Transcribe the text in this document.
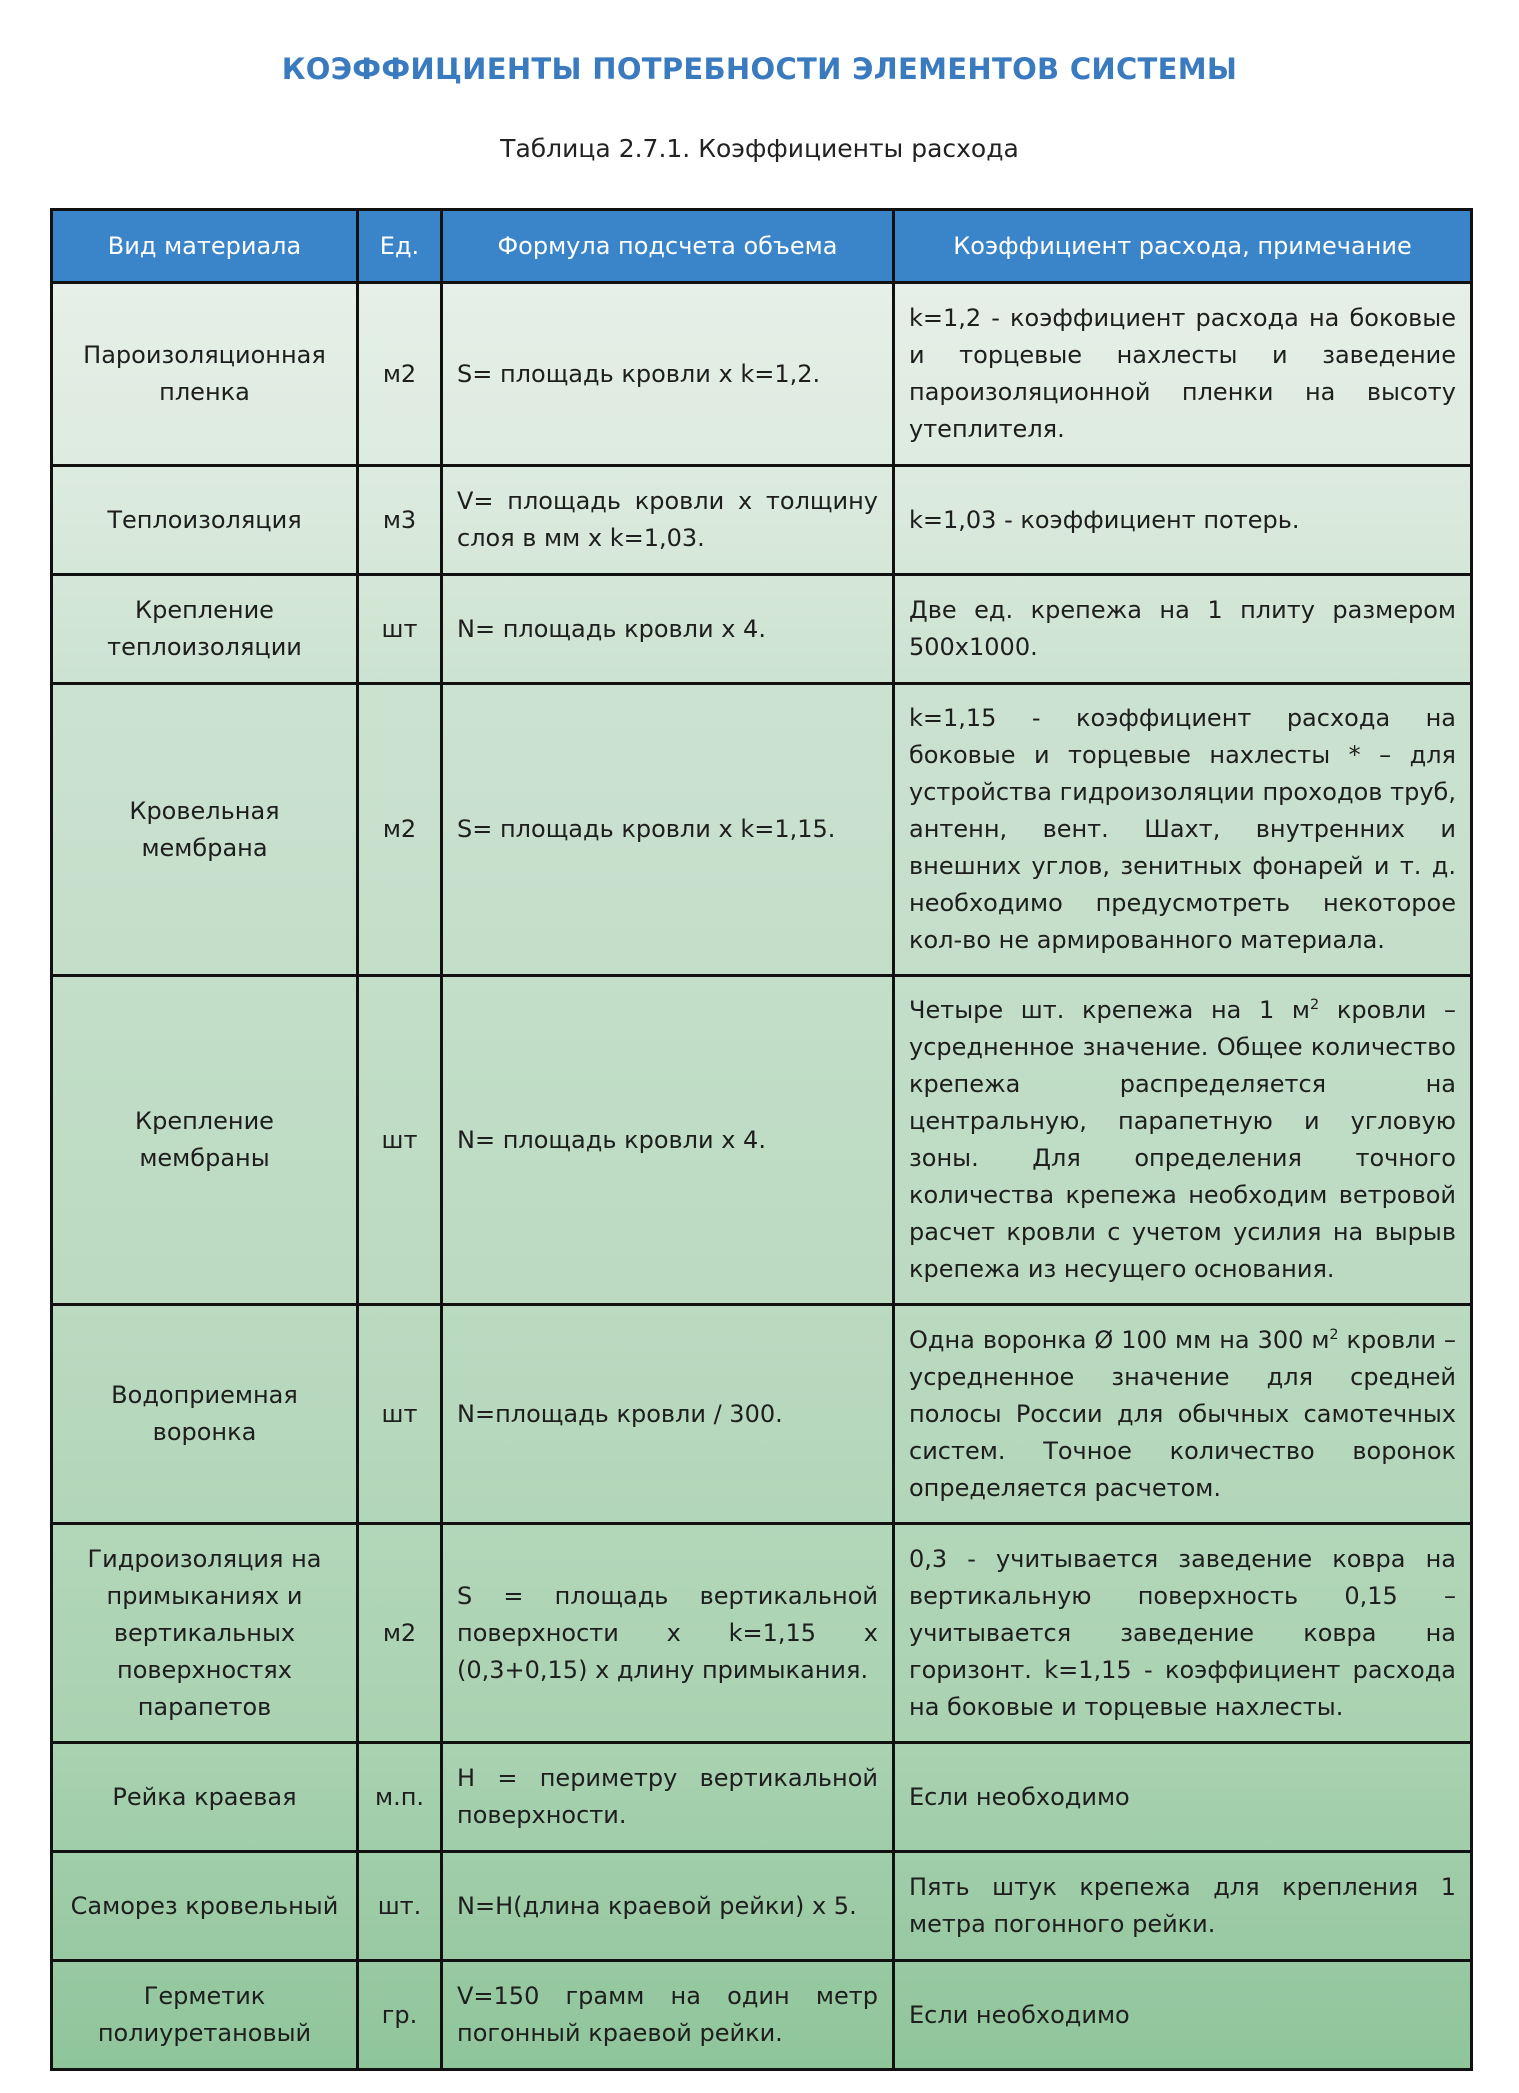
КОЭФФИЦИЕНТЫ ПОТРЕБНОСТИ ЭЛЕМЕНТОВ СИСТЕМЫ
Таблица 2.7.1. Коэффициенты расхода
Вид материала	Ед.	Формула подсчета объема	Коэффициент расхода, примечание
Пароизоляционная пленка	м2	S= площадь кровли х k=1,2.	k=1,2 - коэффициент расхода на боковые и торцевые нахлесты и заведение пароизоляционной пленки на высоту утеплителя.
Теплоизоляция	м3	V= площадь кровли х толщину слоя в мм х k=1,03.	k=1,03 - коэффициент потерь.
Крепление теплоизоляции	шт	N= площадь кровли х 4.	Две ед. крепежа на 1 плиту размером 500х1000.
Кровельная мембрана	м2	S= площадь кровли х k=1,15.	k=1,15 - коэффициент расхода на боковые и торцевые нахлесты * – для устройства гидроизоляции проходов труб, антенн, вент. Шахт, внутренних и внешних углов, зенитных фонарей и т. д. необходимо предусмотреть некоторое кол-во не армированного материала.
Крепление мембраны	шт	N= площадь кровли х 4.	Четыре шт. крепежа на 1 $м^2$ кровли – усредненное значение. Общее количество крепежа распределяется на центральную, парапетную и угловую зоны. Для определения точного количества крепежа необходим ветровой расчет кровли с учетом усилия на вырыв крепежа из несущего основания.
Водоприемная воронка	шт	N=площадь кровли / 300.	Одна воронка Ø 100 мм на 300 $м^2$ кровли – усредненное значение для средней полосы России для обычных самотечных систем. Точное количество воронок определяется расчетом.
Гидроизоляция на примыканиях и вертикальных поверхностях парапетов	м2	S = площадь вертикальной поверхности х k=1,15 х (0,3+0,15) х длину примыкания.	0,3 - учитывается заведение ковра на вертикальную поверхность 0,15 – учитывается заведение ковра на горизонт. k=1,15 - коэффициент расхода на боковые и торцевые нахлесты.
Рейка краевая	м.п.	Н = периметру вертикальной поверхности.	Если необходимо
Саморез кровельный	шт.	N=H(длина краевой рейки) х 5.	Пять штук крепежа для крепления 1 метра погонного рейки.
Герметик полиуретановый	гр.	V=150 грамм на один метр погонный краевой рейки.	Если необходимо
